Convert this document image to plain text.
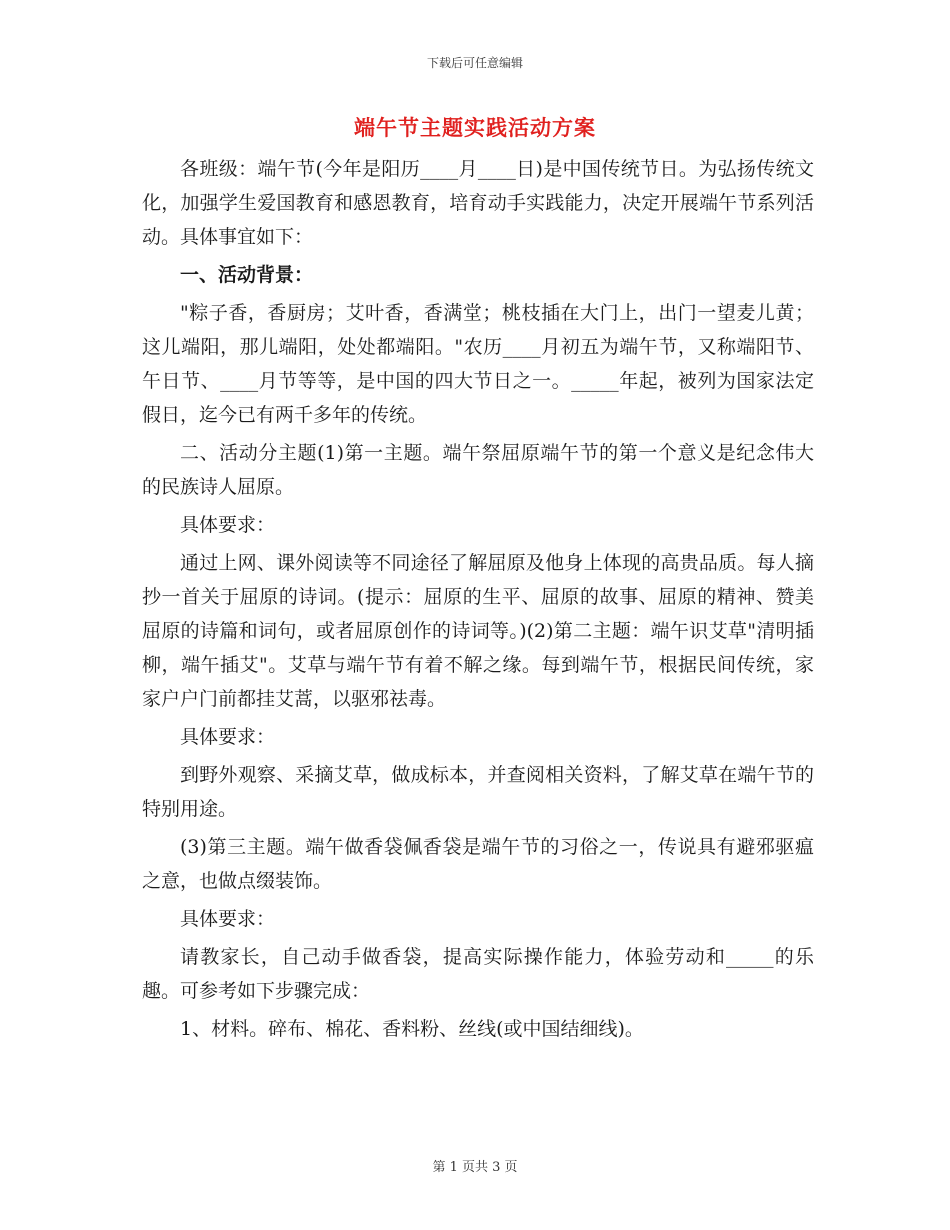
下载后可任意编辑
端午节主题实践活动方案

各班级：端午节(今年是阳历____月____日)是中国传统节日。为弘扬传统文化，加强学生爱国教育和感恩教育，培育动手实践能力，决定开展端午节系列活动。具体事宜如下：

一、活动背景：

"粽子香，香厨房；艾叶香，香满堂；桃枝插在大门上，出门一望麦儿黄；这儿端阳，那儿端阳，处处都端阳。"农历____月初五为端午节，又称端阳节、午日节、____月节等等，是中国的四大节日之一。_____年起，被列为国家法定假日，迄今已有两千多年的传统。

二、活动分主题(1)第一主题。端午祭屈原端午节的第一个意义是纪念伟大的民族诗人屈原。

具体要求：

通过上网、课外阅读等不同途径了解屈原及他身上体现的高贵品质。每人摘抄一首关于屈原的诗词。(提示：屈原的生平、屈原的故事、屈原的精神、赞美屈原的诗篇和词句，或者屈原创作的诗词等。)(2)第二主题：端午识艾草"清明插柳，端午插艾"。艾草与端午节有着不解之缘。每到端午节，根据民间传统，家家户户门前都挂艾蒿，以驱邪祛毒。

具体要求：

到野外观察、采摘艾草，做成标本，并查阅相关资料，了解艾草在端午节的特别用途。

(3)第三主题。端午做香袋佩香袋是端午节的习俗之一，传说具有避邪驱瘟之意，也做点缀装饰。

具体要求：

请教家长，自己动手做香袋，提高实际操作能力，体验劳动和_____的乐趣。可参考如下步骤完成：

1、材料。碎布、棉花、香料粉、丝线(或中国结细线)。

第 1 页共 3 页
